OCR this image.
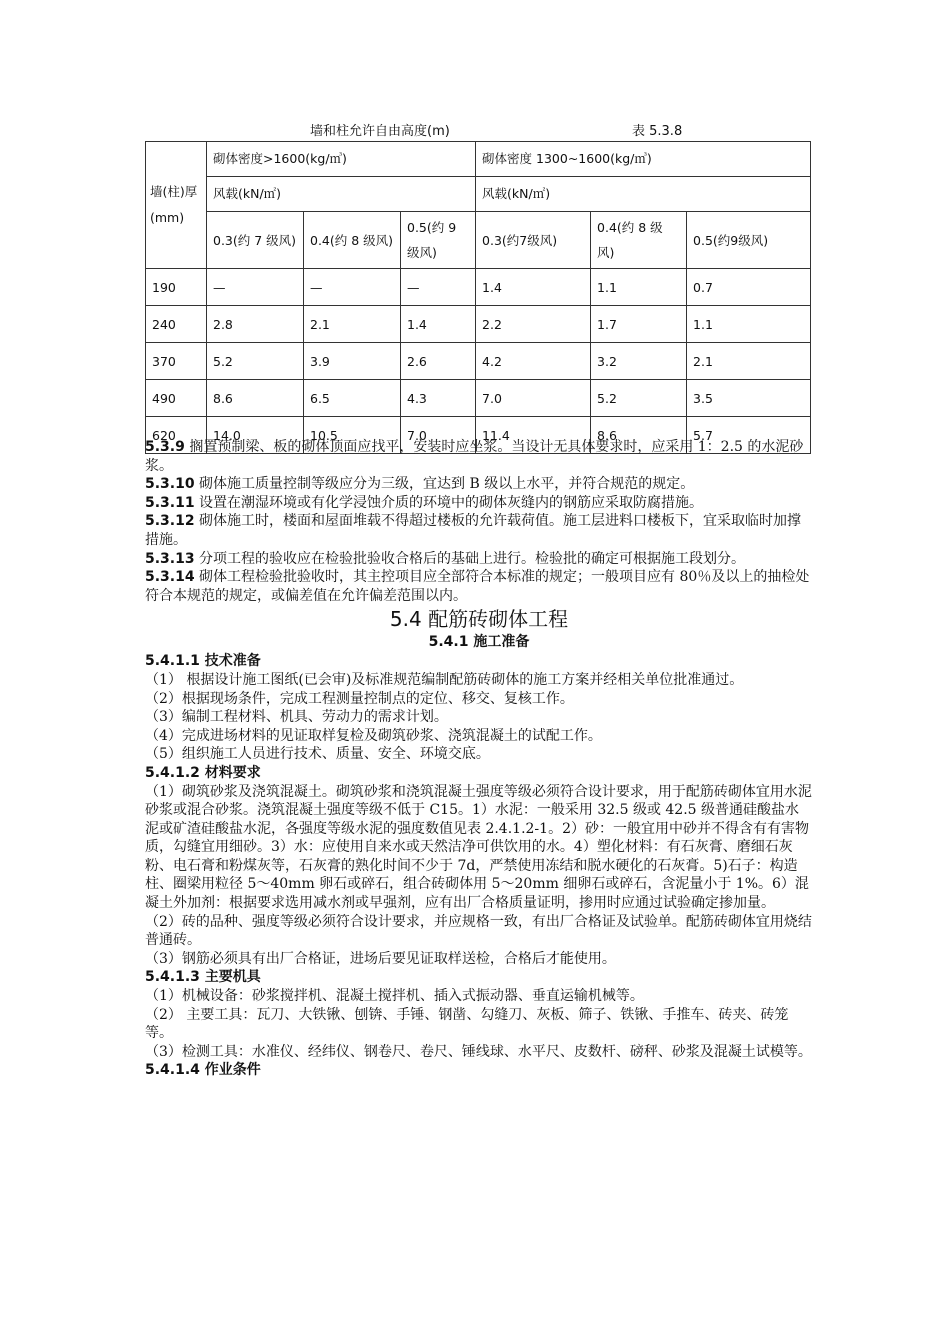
墙和柱允许自由高度(m)	表 5.3.8
墙(柱)厚(mm)	砌体密度>1600(kg/㎥)			砌体密度 1300~1600(kg/㎥)		
	风载(kN/㎡)			风载(kN/㎡)		
	0.3(约 7 级风)	0.4(约 8 级风)	0.5(约 9 级风)	0.3(约7级风)	0.4(约 8 级风)	0.5(约9级风)
190	—	—	—	1.4	1.1	0.7
240	2.8	2.1	1.4	2.2	1.7	1.1
370	5.2	3.9	2.6	4.2	3.2	2.1
490	8.6	6.5	4.3	7.0	5.2	3.5
620	14.0	10.5	7.0	11.4	8.6	5.7

5.3.9 搁置预制梁、板的砌体顶面应找平，安装时应坐浆。当设计无具体要求时，应采用 1：2.5 的水泥砂浆。

5.3.10 砌体施工质量控制等级应分为三级，宜达到 B 级以上水平，并符合规范的规定。

5.3.11 设置在潮湿环境或有化学浸蚀介质的环境中的砌体灰缝内的钢筋应采取防腐措施。

5.3.12 砌体施工时，楼面和屋面堆载不得超过楼板的允许载荷值。施工层进料口楼板下，宜采取临时加撑措施。

5.3.13 分项工程的验收应在检验批验收合格后的基础上进行。检验批的确定可根据施工段划分。

5.3.14 砌体工程检验批验收时，其主控项目应全部符合本标准的规定；一般项目应有 80％及以上的抽检处符合本规范的规定，或偏差值在允许偏差范围以内。

5.4 配筋砖砌体工程

5.4.1 施工准备

5.4.1.1 技术准备

（1） 根据设计施工图纸(已会审)及标准规范编制配筋砖砌体的施工方案并经相关单位批准通过。

（2）根据现场条件，完成工程测量控制点的定位、移交、复核工作。

（3）编制工程材料、机具、劳动力的需求计划。

（4）完成进场材料的见证取样复检及砌筑砂浆、浇筑混凝土的试配工作。

（5）组织施工人员进行技术、质量、安全、环境交底。

5.4.1.2 材料要求

（1）砌筑砂浆及浇筑混凝土。砌筑砂浆和浇筑混凝土强度等级必须符合设计要求，用于配筋砖砌体宜用水泥砂浆或混合砂浆。浇筑混凝土强度等级不低于 C15。1）水泥：一般采用 32.5 级或 42.5 级普通硅酸盐水泥或矿渣硅酸盐水泥，各强度等级水泥的强度数值见表 2.4.1.2-1。2）砂：一般宜用中砂并不得含有有害物质，勾缝宜用细砂。3）水：应使用自来水或天然洁净可供饮用的水。4）塑化材料：有石灰膏、磨细石灰粉、电石膏和粉煤灰等，石灰膏的熟化时间不少于 7d，严禁使用冻结和脱水硬化的石灰膏。5)石子：构造柱、圈梁用粒径 5～40mm 卵石或碎石，组合砖砌体用 5～20mm 细卵石或碎石，含泥量小于 1%。6）混凝土外加剂：根据要求选用减水剂或早强剂，应有出厂合格质量证明，掺用时应通过试验确定掺加量。

（2）砖的品种、强度等级必须符合设计要求，并应规格一致，有出厂合格证及试验单。配筋砖砌体宜用烧结普通砖。

（3）钢筋必须具有出厂合格证，进场后要见证取样送检，合格后才能使用。

5.4.1.3 主要机具

（1）机械设备：砂浆搅拌机、混凝土搅拌机、插入式振动器、垂直运输机械等。

（2） 主要工具：瓦刀、大铁锹、刨锛、手锤、钢凿、勾缝刀、灰板、筛子、铁锹、手推车、砖夹、砖笼等。

（3）检测工具：水准仪、经纬仪、钢卷尺、卷尺、锤线球、水平尺、皮数杆、磅秤、砂浆及混凝土试模等。

5.4.1.4 作业条件
